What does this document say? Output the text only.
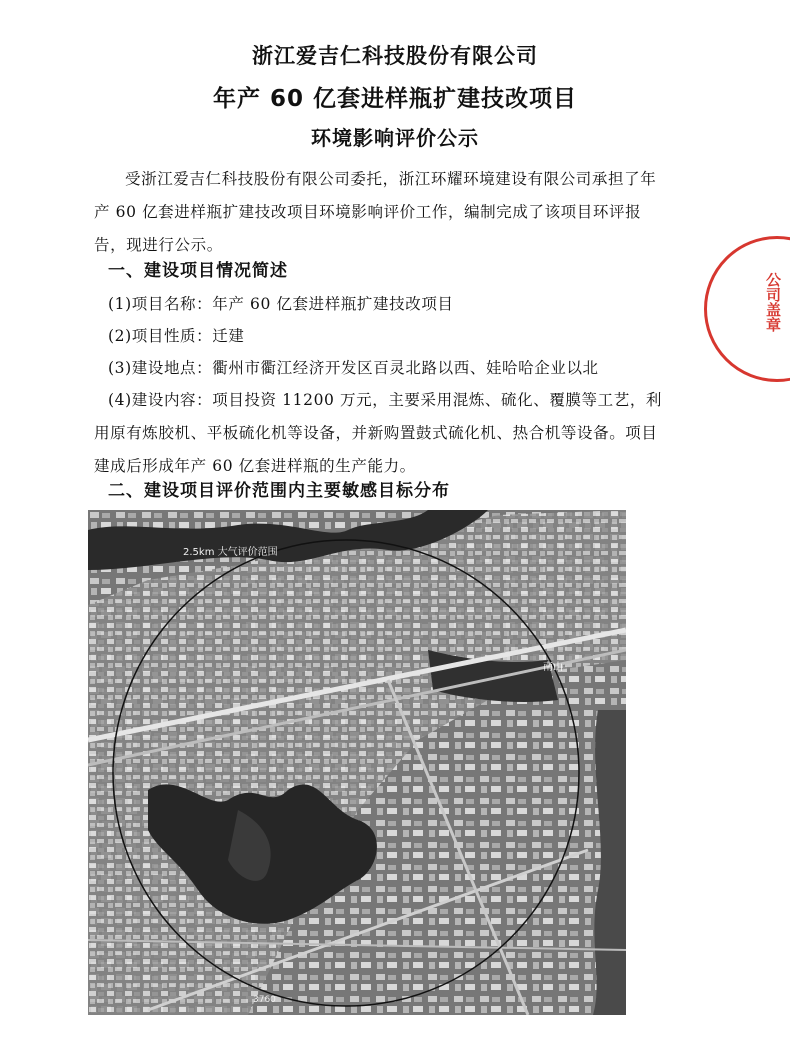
浙江爱吉仁科技股份有限公司
年产 60 亿套进样瓶扩建技改项目
环境影响评价公示
受浙江爱吉仁科技股份有限公司委托，浙江环耀环境建设有限公司承担了年产 60 亿套进样瓶扩建技改项目环境影响评价工作，编制完成了该项目环评报告，现进行公示。
一、建设项目情况简述
(1)项目名称：年产 60 亿套进样瓶扩建技改项目
(2)项目性质：迁建
(3)建设地点：衢州市衢江经济开发区百灵北路以西、娃哈哈企业以北
(4)建设内容：项目投资 11200 万元，主要采用混炼、硫化、覆膜等工艺，利用原有炼胶机、平板硫化机等设备，并新购置鼓式硫化机、热合机等设备。项目建成后形成年产 60 亿套进样瓶的生产能力。
二、建设项目评价范围内主要敏感目标分布
2.5km 大气评价范围
南山
3760
公司盖章
